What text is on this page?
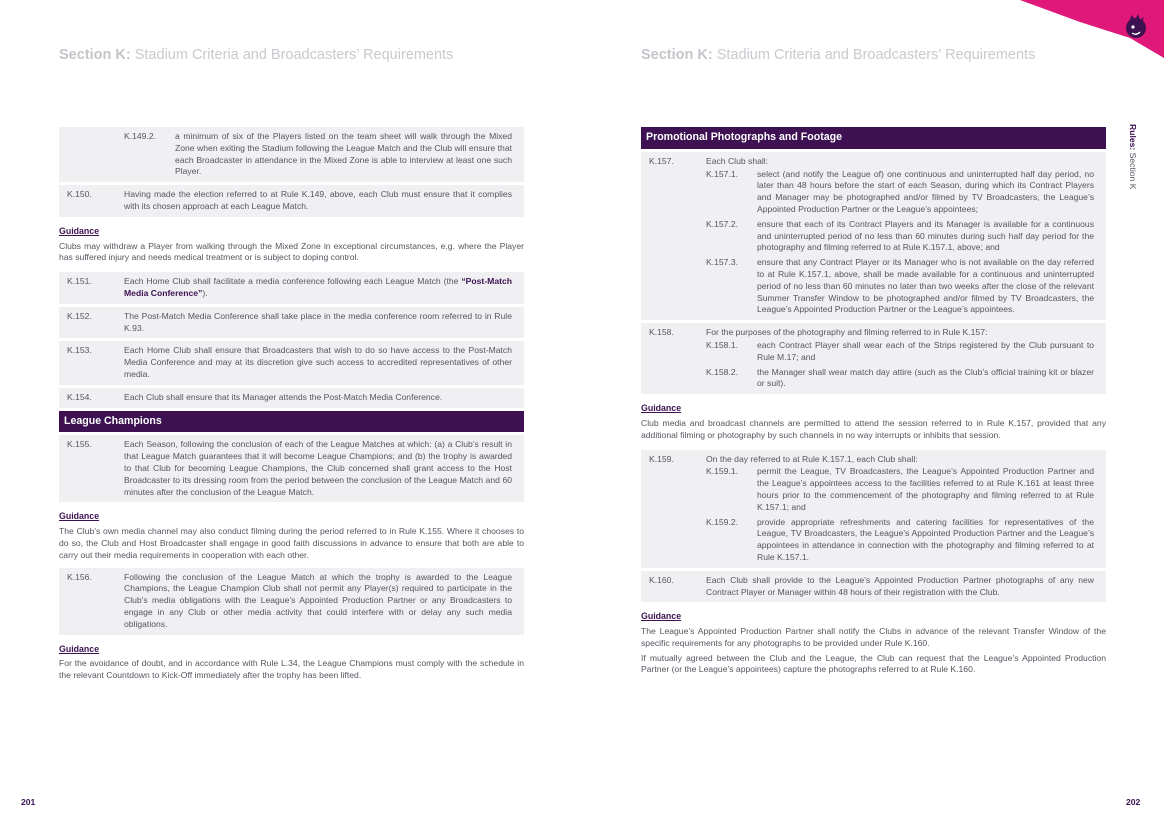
Rules: Section K
Section K: Stadium Criteria and Broadcasters’ Requirements
K.149.2.	a minimum of six of the Players listed on the team sheet will walk through the Mixed Zone when exiting the Stadium following the League Match and the Club will ensure that each Broadcaster in attendance in the Mixed Zone is able to interview at least one such Player.
K.150.	Having made the election referred to at Rule K.149, above, each Club must ensure that it complies with its chosen approach at each League Match.
Guidance

Clubs may withdraw a Player from walking through the Mixed Zone in exceptional circumstances, e.g. where the Player has suffered injury and needs medical treatment or is subject to doping control.

K.151.	Each Home Club shall facilitate a media conference following each League Match (the “Post-Match Media Conference”).
K.152.	The Post-Match Media Conference shall take place in the media conference room referred to in Rule K.93.
K.153.	Each Home Club shall ensure that Broadcasters that wish to do so have access to the Post-Match Media Conference and may at its discretion give such access to accredited representatives of other media.
K.154.	Each Club shall ensure that its Manager attends the Post-Match Media Conference.
League Champions
K.155.	Each Season, following the conclusion of each of the League Matches at which: (a) a Club’s result in that League Match guarantees that it will become League Champions; and (b) the trophy is awarded to that Club for becoming League Champions, the Club concerned shall grant access to the Host Broadcaster to its dressing room from the period between the conclusion of the League Match and 60 minutes after the conclusion of the League Match.
Guidance

The Club’s own media channel may also conduct filming during the period referred to in Rule K.155. Where it chooses to do so, the Club and Host Broadcaster shall engage in good faith discussions in advance to ensure that both are able to carry out their media requirements in cooperation with each other.

K.156.	Following the conclusion of the League Match at which the trophy is awarded to the League Champions, the League Champion Club shall not permit any Player(s) required to participate in the Club’s media obligations with the League’s Appointed Production Partner or any Broadcasters to engage in any Club or other media activity that could interfere with or delay any such media obligations.
Guidance

For the avoidance of doubt, and in accordance with Rule L.34, the League Champions must comply with the schedule in the relevant Countdown to Kick-Off immediately after the trophy has been lifted.

201
Section K: Stadium Criteria and Broadcasters’ Requirements
Promotional Photographs and Footage
K.157.	Each Club shall:
K.157.1.	select (and notify the League of) one continuous and uninterrupted half day period, no later than 48 hours before the start of each Season, during which its Contract Players and Manager may be photographed and/or filmed by TV Broadcasters, the League’s Appointed Production Partner or the League’s appointees;
K.157.2.	ensure that each of its Contract Players and its Manager is available for a continuous and uninterrupted period of no less than 60 minutes during such half day period for the photography and filming referred to at Rule K.157.1, above; and
K.157.3.	ensure that any Contract Player or its Manager who is not available on the day referred to at Rule K.157.1, above, shall be made available for a continuous and uninterrupted period of no less than 60 minutes no later than two weeks after the close of the relevant Summer Transfer Window to be photographed and/or filmed by TV Broadcasters, the League’s Appointed Production Partner or the League’s appointees.
K.158.	For the purposes of the photography and filming referred to in Rule K.157:
K.158.1.	each Contract Player shall wear each of the Strips registered by the Club pursuant to Rule M.17; and
K.158.2.	the Manager shall wear match day attire (such as the Club’s official training kit or blazer or suit).
Guidance

Club media and broadcast channels are permitted to attend the session referred to in Rule K.157, provided that any additional filming or photography by such channels in no way interrupts or inhibits that session.

K.159.	On the day referred to at Rule K.157.1, each Club shall:
K.159.1.	permit the League, TV Broadcasters, the League’s Appointed Production Partner and the League’s appointees access to the facilities referred to at Rule K.161 at least three hours prior to the commencement of the photography and filming referred to at Rule K.157.1; and
K.159.2.	provide appropriate refreshments and catering facilities for representatives of the League, TV Broadcasters, the League’s Appointed Production Partner and the League’s appointees in attendance in connection with the photography and filming referred to at Rule K.157.1.
K.160.	Each Club shall provide to the League’s Appointed Production Partner photographs of any new Contract Player or Manager within 48 hours of their registration with the Club.
Guidance

The League’s Appointed Production Partner shall notify the Clubs in advance of the relevant Transfer Window of the specific requirements for any photographs to be provided under Rule K.160.

If mutually agreed between the Club and the League, the Club can request that the League’s Appointed Production Partner (or the League’s appointees) capture the photographs referred to at Rule K.160.

202
